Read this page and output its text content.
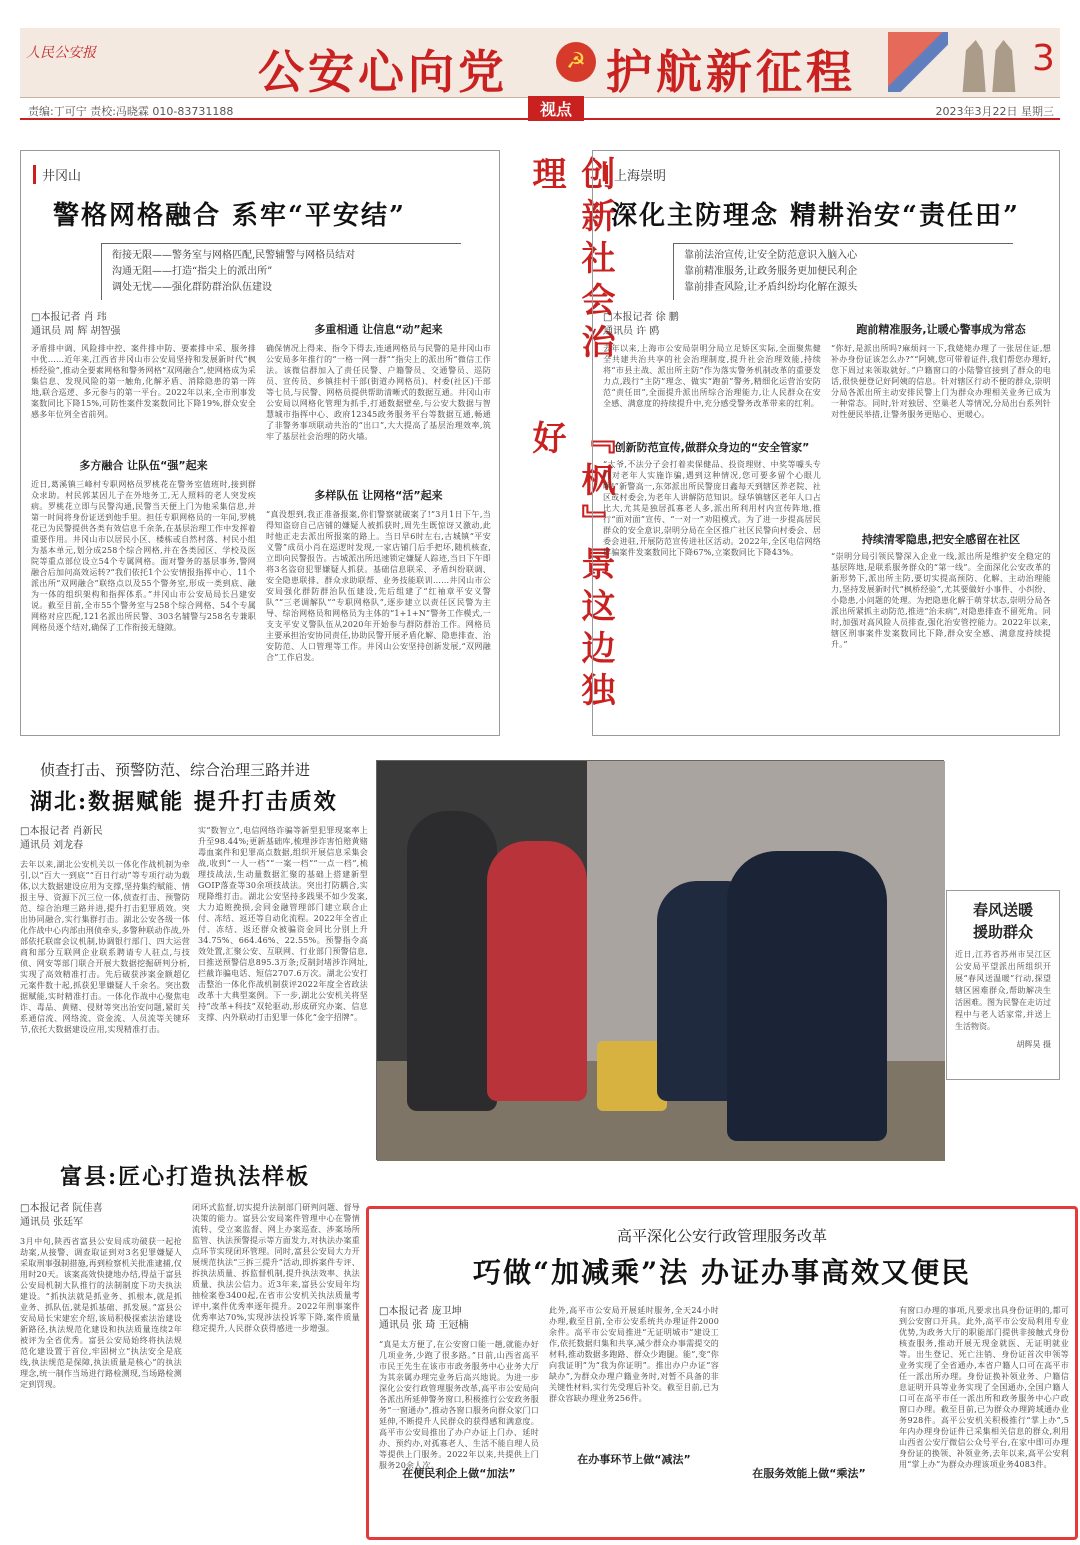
人民公安报	公安心向党	☭ 护航新征程	3
责编:丁可宁 责校:冯晓霖 010-83731188	视点	2023年3月22日 星期三
井冈山
警格网格融合 系牢“平安结”
衔接无限——警务室与网格匹配,民警辅警与网格员结对
沟通无阻——打造“指尖上的派出所”
调处无忧——强化群防群治队伍建设
□本报记者 肖 玮
通讯员 周 辉 胡智强
矛盾排中调、风险排中控、案件排中防、要素排中采、服务排中优……近年来,江西省井冈山市公安局坚持和发展新时代“枫桥经验”,推动全要素网格和警务网格“双网融合”,使网格成为采集信息、发现风险的第一触角,化解矛盾、消除隐患的第一阵地,联合巡逻、多元参与的第一平台。2022年以来,全市刑事发案数同比下降15%,可防性案件发案数同比下降19%,群众安全感多年位列全省前列。
多方融合 让队伍“强”起来
近日,葛溪镇三峰村专职网格员罗桃花在警务室值班时,接到群众求助。村民郭某因儿子在外地务工,无人照料的老人突发疾病。罗桃花立即与民警沟通,民警当天便上门为他采集信息,并第一时间将身份证送到他手里。担任专职网格员的一年间,罗桃花已为民警提供各类有效信息千余条,在基层治理工作中发挥着重要作用。井冈山市以居民小区、楼栋或自然村落、村民小组为基本单元,划分成258个综合网格,并在各类园区、学校及医院等重点部位设立54个专属网格。面对警务的基层事务,警网融合后加问高效运转?“我们依托1个公安情报指挥中心、11个派出所“双网融合”联络点以及55个警务室,形成一类到底、融为一体的组织架构和指挥体系。”井冈山市公安局局长吕建安说。截至目前,全市55个警务室与258个综合网格、54个专属网格对应匹配,121名派出所民警、303名辅警与258名专兼职网格员逐个结对,确保了工作衔接无缝隙。
多重相通 让信息“动”起来
确保情况上得来、指令下得去,连通网格员与民警的是井冈山市公安局多年推行的“一格一网一群”“指尖上的派出所”微信工作法。该微信群加入了责任民警、户籍警员、交通警员、巡防员、宣传员、乡镇挂村干部(街道办网格员)、村委(社区)干部等七员,与民警、网格员提供帮助清晰式的数据互通。井冈山市公安局以网格化管理为抓手,打通数据壁垒,与公安大数据与智慧城市指挥中心、政府12345政务服务平台等数据互通,畅通了非警务事项联动共治的“出口”,大大提高了基层治理效率,筑牢了基层社会治理的防火墙。
多样队伍 让网格“活”起来
“真没想到,我正准备报案,你们警察就破案了!”3月1日下午,当得知盗窃自己店铺的嫌疑人被抓获时,周先生既惊讶又激动,此时他正走去派出所报案的路上。当日早6时左右,古城镇“平安义警”成员小肖在巡逻时发现,一家店铺门后手把坏,随机核查,立即向民警报告。古城派出所迅速锁定嫌疑人踪迹,当日下午即将3名盗窃犯罪嫌疑人抓获。基础信息联采、矛盾纠纷联调、安全隐患联排、群众求助联帮、业务技能联训……井冈山市公安局强化群防群治队伍建设,先后组建了“红袖章平安义警队”“三老调解队”“专职网格队”,逐步建立以责任区民警为主导、综治网格员和网格员为主体的“1+1+N”警务工作模式,一支支平安义警队伍从2020年开始参与群防群治工作。网格员主要承担治安协同责任,协助民警开展矛盾化解、隐患排查、治安防范、人口管理等工作。井冈山公安坚持创新发展,“双网融合”工作启发。
创新社会治理
『枫』景这边独好
上海崇明
深化主防理念 精耕治安“责任田”
靠前法治宣传,让安全防范意识入脑入心
靠前精准服务,让政务服务更加便民利企
靠前排查风险,让矛盾纠纷均化解在源头
□本报记者 徐 鹏
通讯员 许 鸥
去年以来,上海市公安局崇明分局立足矫区实际,全面聚焦健全共建共治共享的社会治理制度,提升社会治理效能,持续将“市县主战、派出所主防”作为落实警务机制改革的重要发力点,践行“主防”理念、做实“跑前”警务,精细化运营治安防范“责任田”,全面提升派出所综合治理能力,让人民群众在安全感、满意度的持续提升中,充分感受警务改革带来的红利。
创新防范宣传,做群众身边的“安全管家”
“大爷,不法分子会打着卖保健品、投资理财、中奖等噱头专门对老年人实施诈骗,遇到这种情况,您可要多留个心眼儿啊!”新警高一,东郊派出所民警庞日鑫每天到辖区养老院、社区或村委会,为老年人讲解防范知识。绿华镇辖区老年人口占比大,尤其是独居孤寡老人多,派出所利用村内宣传阵地,推行“面对面”宣传、“一对一”劝阻模式。为了进一步提高居民群众的安全意识,崇明分局在全区推广社区民警向村委会、居委会进驻,开展防范宣传进社区活动。2022年,全区电信网络诈骗案件发案数同比下降67%,立案数同比下降43%。
跑前精准服务,让暖心警事成为常态
“你好,是派出所吗?麻烦问一下,我姥姥办理了一张居住证,想补办身份证该怎么办?”“阿姨,您可带着证件,我们帮您办理好,您下周过来领取就好。”户籍窗口的小陆警官接到了群众的电话,很快便登记好阿姨的信息。针对辖区行动不便的群众,崇明分局各派出所主动安排民警上门为群众办理相关业务已成为一种常态。同时,针对独居、空巢老人等情况,分局出台系列针对性便民举措,让警务服务更贴心、更暖心。
持续清零隐患,把安全感留在社区
“崇明分局引领民警深入企业一线,派出所是维护安全稳定的基层阵地,是联系服务群众的“第一线”。全面深化公安改革的新形势下,派出所主防,要切实提高预防、化解、主动治理能力,坚持发展新时代“枫桥经验”,尤其要做好小事件、小纠纷、小隐患,小问题的处理。为把隐患化解于萌芽状态,崇明分局各派出所紧抓主动防范,推进“治未病”,对隐患排查不留死角。同时,加强对高风险人员排查,强化治安管控能力。2022年以来,辖区刑事案件发案数同比下降,群众安全感、满意度持续提升。”
侦查打击、预警防范、综合治理三路并进
湖北:数据赋能 提升打击质效
□本报记者 肖新民
通讯员 刘龙春
去年以来,湖北公安机关以一体化作战机制为牵引,以“百大一到底”“百日行动”等专项行动为载体,以大数据建设应用为支撑,坚持集约赋能、情报主导、资源下沉三位一体,侦查打击、预警防范、综合治理三路并进,提升打击犯罪质效。突出协同融合,实行集群打击。湖北公安各级一体化作战中心内部由刑侦牵头,多警种联动作战,外部依托联席会议机制,协调银行部门、四大运营商和部分互联网企业联系聘请专人驻点,与技侦、网安等部门联合开展大数据挖掘研判分析,实现了高效精准打击。先后破获涉案金额超亿元案件数十起,抓获犯罪嫌疑人千余名。突出数据赋能,实时精准打击。一体化作战中心聚焦电诈、毒品、黄赌、侵财等突出治安问题,紧盯关系通信流、网络流、资金流、人员流等关键环节,依托大数据建设应用,实现精准打击。
实“数智立”,电信网络诈骗等新型犯罪现案率上升至98.44%;更新基础库,梳理涉诈害怕赔黄赌毒血案件和犯罪高点数据,组织开展信息采集会战,收到“一人一档”“一案一档”“一点一档”,梳理技战法,生动量数据汇聚的基础上搭建新型GOIP落查等30余项技战法。突出打防耦合,实现降维打击。湖北公安坚持多践果不如少发案,大力追赃挽损,会同金融管理部门建立联合止付、冻结、返还等自动化流程。2022年全省止付、冻结、返还群众被骗资金同比分别上升34.75%、664.46%、22.55%。预警指令高效处置,汇聚公安、互联网、行业部门预警信息,日推送预警信息895.3万条;反制封堵涉诈网址,拦截诈骗电话、短信2707.6万次。湖北公安打击整治一体化作战机制获评2022年度全省政法改革十大典型案例。下一步,湖北公安机关将坚持“改革+科技”双轮驱动,形成研究办案、信息支撑、内外联动打击犯罪一体化“金字招牌”。
春风送暖
援助群众
近日,江苏省苏州市吴江区公安局平望派出所组织开展“春风送温暖”行动,探望辖区困难群众,帮助解决生活困难。图为民警在走访过程中与老人话家常,并送上生活物资。
胡辉昊 摄
富县:匠心打造执法样板
□本报记者 阮佳喜
通讯员 张廷军
3月中旬,陕西省富县公安局成功破获一起抢劫案,从接警、调查取证到对3名犯罪嫌疑人采取刑事强制措施,再到检察机关批准逮捕,仅用时20天。该案高效快捷地办结,得益于富县公安局机制大队推行的法制制度下功夫执法建设。“抓执法就是抓业务、抓根本,就是抓业务、抓队伍,就是抓基础、抓发展。”富县公安局局长宋建宏介绍,该局积极探索法治建设新路径,执法规范化建设和执法质量连续2年被评为全省优秀。富县公安局始终将执法规范化建设置于首位,牢固树立“执法安全是底线,执法规范是保障,执法质量是核心”的执法理念,统一制作当场进行路检测现,当场路检测定到罚现。
闭环式监督,切实提升法制部门研判问题、督导决策的能力。富县公安局案件管理中心在警情流转、受立案监督、网上办案巡查、涉案场所监管、执法预警提示等方面发力,对执法办案重点环节实现闭环管理。同时,富县公安局大力开展规范执法“三拆三提升”活动,即拆案件专评、拆执法质量、拆监督机制,提升执法效率、执法质量、执法公信力。近3年来,富县公安局年均抽检案卷3400起,在省市公安机关执法质量考评中,案件优秀率逐年提升。2022年刑事案件优秀率达70%,实现涉法投诉零下降,案件质量稳定提升,人民群众获得感进一步增强。
高平深化公安行政管理服务改革
巧做“加减乘”法 办证办事高效又便民
□本报记者 庞卫坤
通讯员 张 琦 王冠楠
“真是太方便了,在公安窗口能一趟,就能办好几项业务,少跑了很多路。”日前,山西省高平市民王先生在该市市政务服务中心业务大厅为其亲属办理完业务后高兴地说。为进一步深化公安行政管理服务改革,高平市公安局向各派出所延伸警务窗口,积极推行公安政务服务“一窗通办”,推动各窗口服务向群众家门口延伸,不断提升人民群众的获得感和满意度。高平市公安局推出了办户办证上门办、延时办、预约办,对孤寡老人、生活不能自理人员等提供上门服务。2022年以来,共提供上门服务20余人次。
在便民利企上做“加法”
此外,高平市公安局开展延时服务,全天24小时办理,截至目前,全市公安系统共办理证件2000余件。高平市公安局推进“无证明城市”建设工作,依托数据归集和共享,减少群众办事需提交的材料,推动数据多跑路、群众少跑腿。能”,变“你向我证明”为“我为你证明”。推出办户办证“容缺办”,为群众办理户籍业务时,对暂不具备的非关键性材料,实行先受理后补交。截至目前,已为群众容缺办理业务256件。
在办事环节上做“减法”
在服务效能上做“乘法”
有窗口办理的事项,凡要求出具身份证明的,都可到公安窗口开具。此外,高平市公安局利用专业优势,为政务大厅的职能部门提供非接触式身份核查服务,推动开展无现金就医、无证明就业等。出生登记、死亡注销、身份证首次申领等业务实现了全省通办,本省户籍人口可在高平市任一派出所办理。身份证换补领业务、户籍信息证明开具等业务实现了全国通办,全国户籍人口可在高平市任一派出所和政务服务中心户政窗口办理。截至目前,已为群众办理跨域通办业务928件。高平公安机关积极推行“掌上办”,5年内办理身份证件已采集相关信息的群众,利用山西省公安厅微信公众号平台,在家中即可办理身份证的换领、补领业务,去年以来,高平公安利用“掌上办”为群众办理该项业务4083件。
